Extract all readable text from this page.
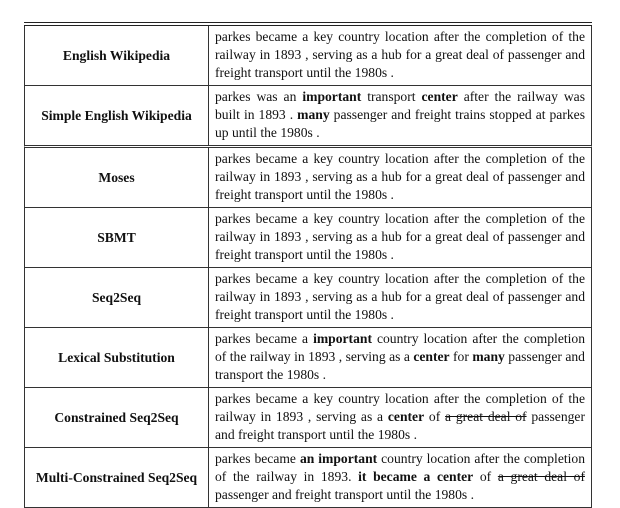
English Wikipedia
parkes became a key country location after the completion of the railway in 1893 , serving as a hub for a great deal of passenger and freight transport until the 1980s .
Simple English Wikipedia
parkes was an important transport center after the railway was built in 1893 . many passenger and freight trains stopped at parkes up until the 1980s .
Moses
parkes became a key country location after the completion of the railway in 1893 , serving as a hub for a great deal of passenger and freight transport until the 1980s .
SBMT
parkes became a key country location after the completion of the railway in 1893 , serving as a hub for a great deal of passenger and freight transport until the 1980s .
Seq2Seq
parkes became a key country location after the completion of the railway in 1893 , serving as a hub for a great deal of passenger and freight transport until the 1980s .
Lexical Substitution
parkes became a important country location after the completion of the railway in 1893 , serving as a center for many passenger and transport the 1980s .
Constrained Seq2Seq
parkes became a key country location after the completion of the railway in 1893 , serving as a center of a great deal of passenger and freight transport until the 1980s .
Multi-Constrained Seq2Seq
parkes became an important country location after the completion of the railway in 1893. it became a center of a great deal of passenger and freight transport until the 1980s .
